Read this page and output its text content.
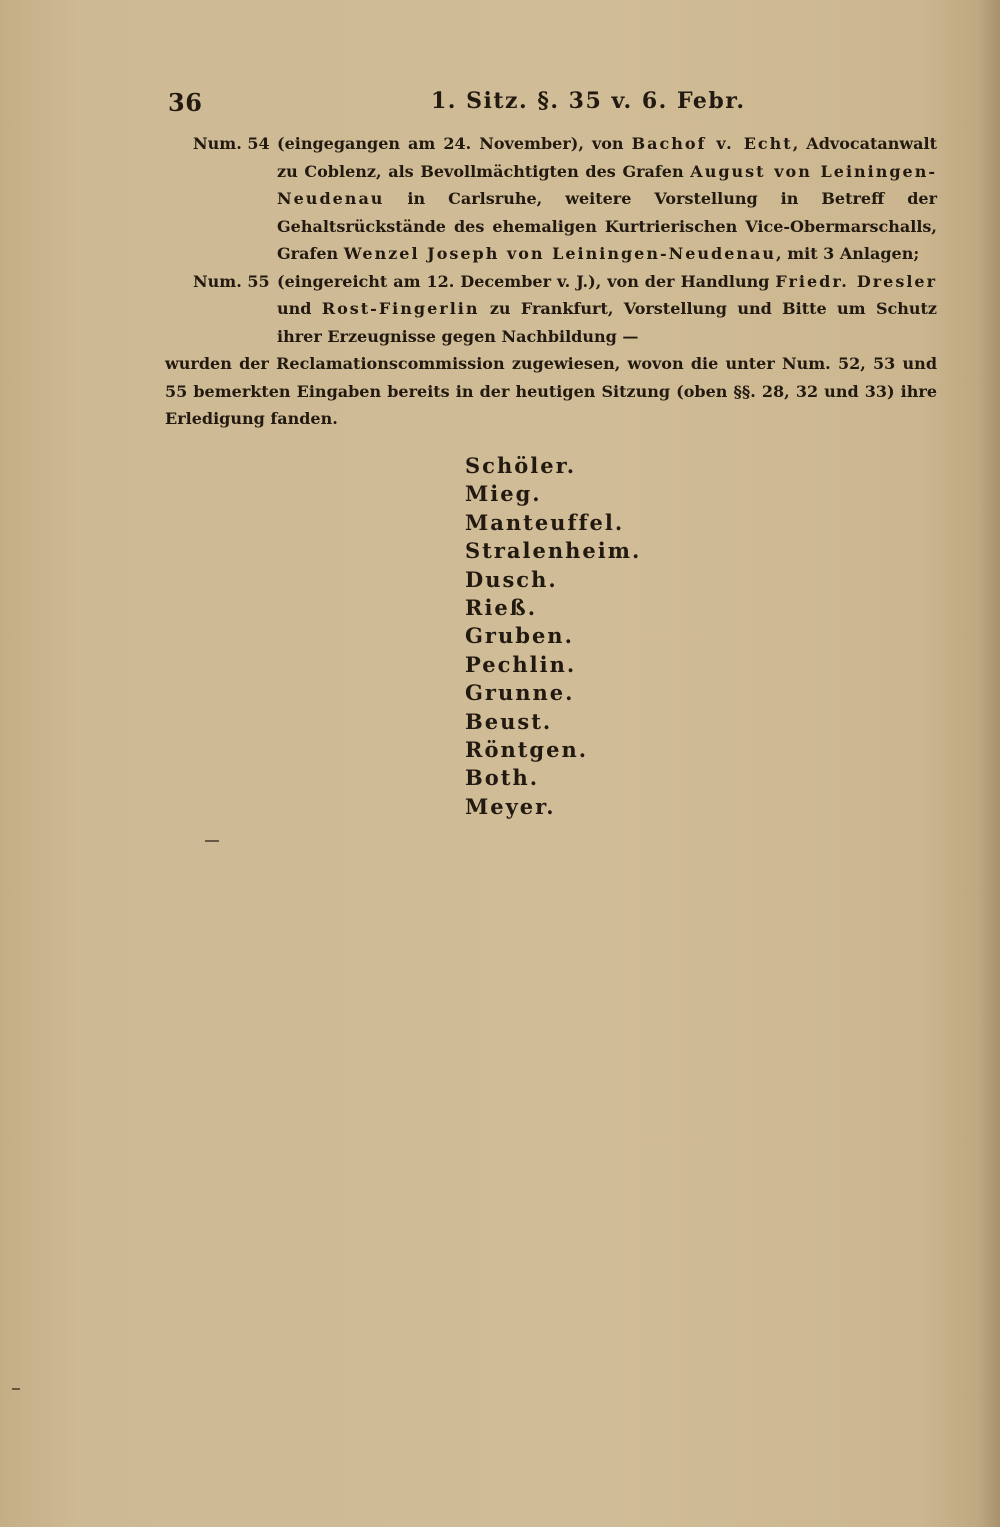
36	1. Sitz. §. 35 v. 6. Febr.
Num. 54 (eingegangen am 24. November), von Bachof v. Echt, Advocatanwalt zu Coblenz, als Bevollmächtigten des Grafen August von Leiningen-Neudenau in Carlsruhe, weitere Vorstellung in Betreff der Gehaltsrückstände des ehemaligen Kurtrierischen Vice-Obermarschalls, Grafen Wenzel Joseph von Leiningen-Neudenau, mit 3 Anlagen;
Num. 55 (eingereicht am 12. December v. J.), von der Handlung Friedr. Dresler und Rost-Fingerlin zu Frankfurt, Vorstellung und Bitte um Schutz ihrer Erzeugnisse gegen Nachbildung —
wurden der Reclamationscommission zugewiesen, wovon die unter Num. 52, 53 und 55 bemerkten Eingaben bereits in der heutigen Sitzung (oben §§. 28, 32 und 33) ihre Erledigung fanden.
Schöler.
Mieg.
Manteuffel.
Stralenheim.
Dusch.
Rieß.
Gruben.
Pechlin.
Grunne.
Beust.
Röntgen.
Both.
Meyer.
